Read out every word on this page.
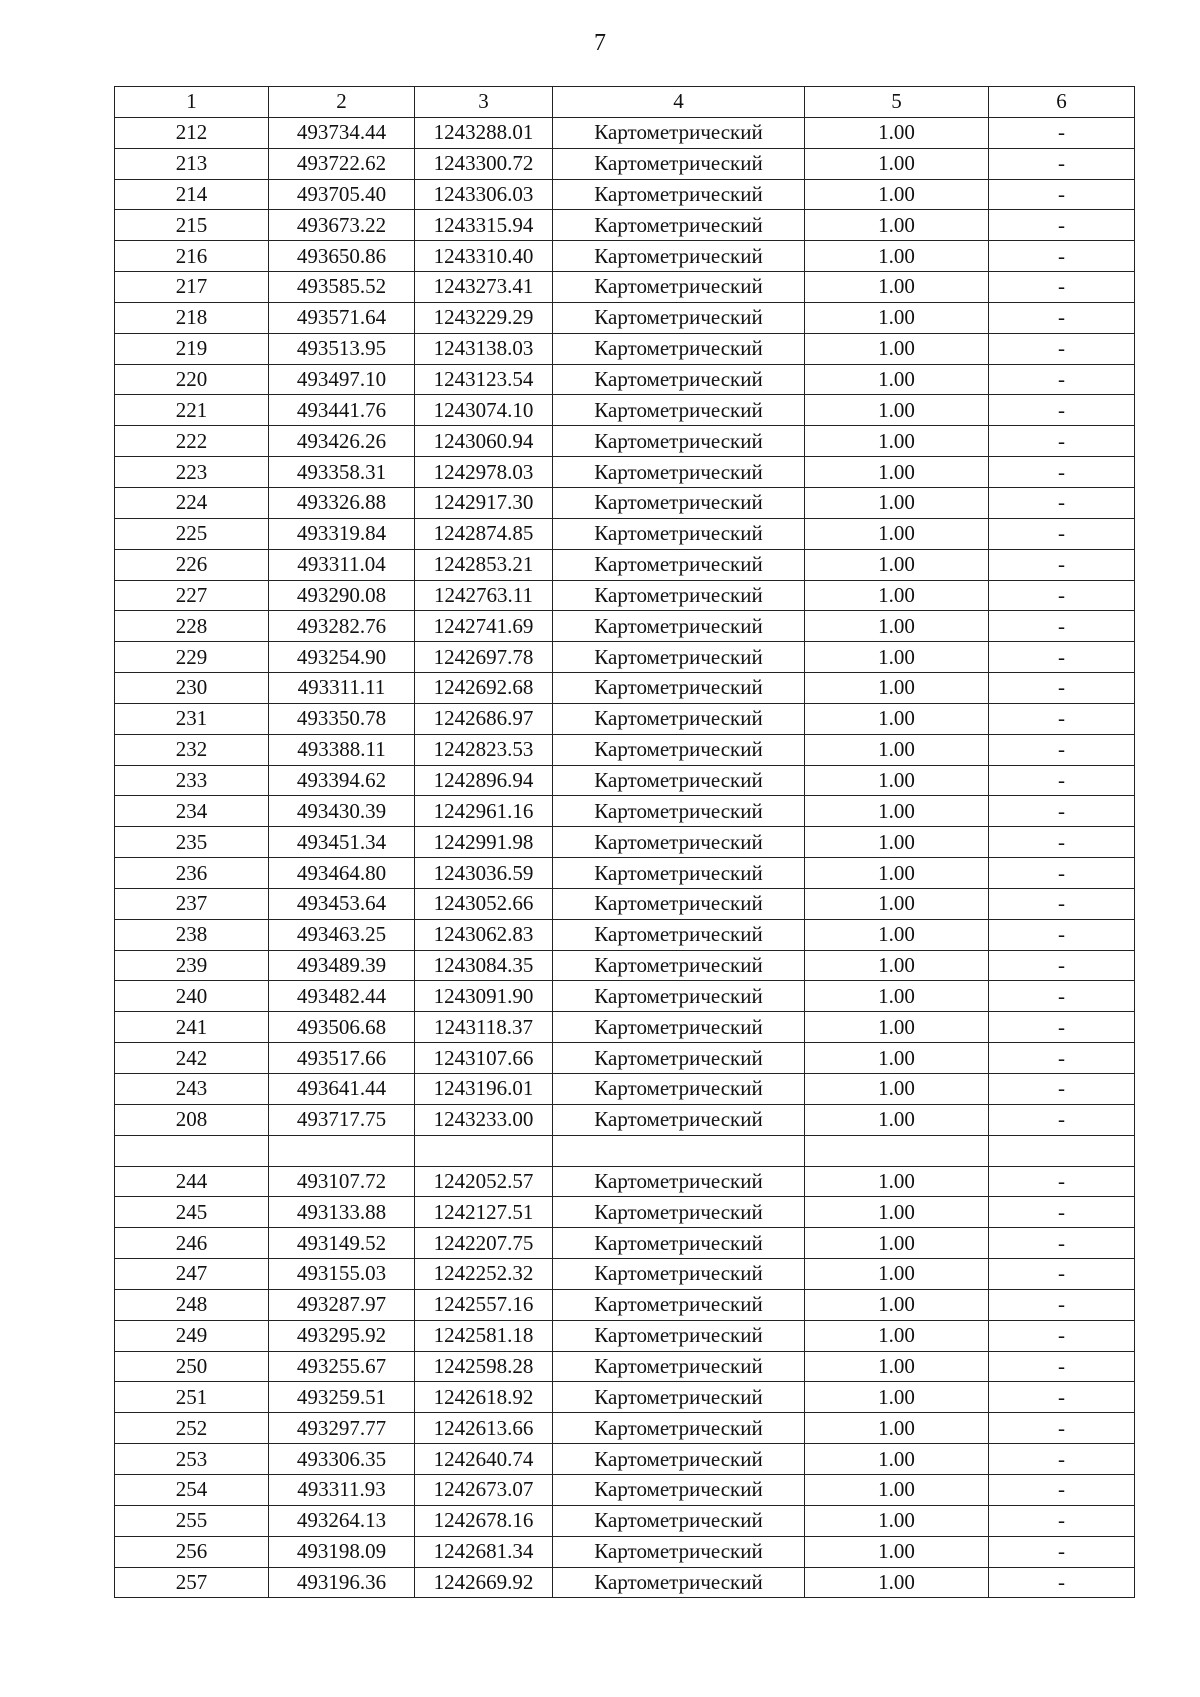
7
1	2	3	4	5	6
212	493734.44	1243288.01	Картометрический	1.00	-
213	493722.62	1243300.72	Картометрический	1.00	-
214	493705.40	1243306.03	Картометрический	1.00	-
215	493673.22	1243315.94	Картометрический	1.00	-
216	493650.86	1243310.40	Картометрический	1.00	-
217	493585.52	1243273.41	Картометрический	1.00	-
218	493571.64	1243229.29	Картометрический	1.00	-
219	493513.95	1243138.03	Картометрический	1.00	-
220	493497.10	1243123.54	Картометрический	1.00	-
221	493441.76	1243074.10	Картометрический	1.00	-
222	493426.26	1243060.94	Картометрический	1.00	-
223	493358.31	1242978.03	Картометрический	1.00	-
224	493326.88	1242917.30	Картометрический	1.00	-
225	493319.84	1242874.85	Картометрический	1.00	-
226	493311.04	1242853.21	Картометрический	1.00	-
227	493290.08	1242763.11	Картометрический	1.00	-
228	493282.76	1242741.69	Картометрический	1.00	-
229	493254.90	1242697.78	Картометрический	1.00	-
230	493311.11	1242692.68	Картометрический	1.00	-
231	493350.78	1242686.97	Картометрический	1.00	-
232	493388.11	1242823.53	Картометрический	1.00	-
233	493394.62	1242896.94	Картометрический	1.00	-
234	493430.39	1242961.16	Картометрический	1.00	-
235	493451.34	1242991.98	Картометрический	1.00	-
236	493464.80	1243036.59	Картометрический	1.00	-
237	493453.64	1243052.66	Картометрический	1.00	-
238	493463.25	1243062.83	Картометрический	1.00	-
239	493489.39	1243084.35	Картометрический	1.00	-
240	493482.44	1243091.90	Картометрический	1.00	-
241	493506.68	1243118.37	Картометрический	1.00	-
242	493517.66	1243107.66	Картометрический	1.00	-
243	493641.44	1243196.01	Картометрический	1.00	-
208	493717.75	1243233.00	Картометрический	1.00	-

244	493107.72	1242052.57	Картометрический	1.00	-
245	493133.88	1242127.51	Картометрический	1.00	-
246	493149.52	1242207.75	Картометрический	1.00	-
247	493155.03	1242252.32	Картометрический	1.00	-
248	493287.97	1242557.16	Картометрический	1.00	-
249	493295.92	1242581.18	Картометрический	1.00	-
250	493255.67	1242598.28	Картометрический	1.00	-
251	493259.51	1242618.92	Картометрический	1.00	-
252	493297.77	1242613.66	Картометрический	1.00	-
253	493306.35	1242640.74	Картометрический	1.00	-
254	493311.93	1242673.07	Картометрический	1.00	-
255	493264.13	1242678.16	Картометрический	1.00	-
256	493198.09	1242681.34	Картометрический	1.00	-
257	493196.36	1242669.92	Картометрический	1.00	-
